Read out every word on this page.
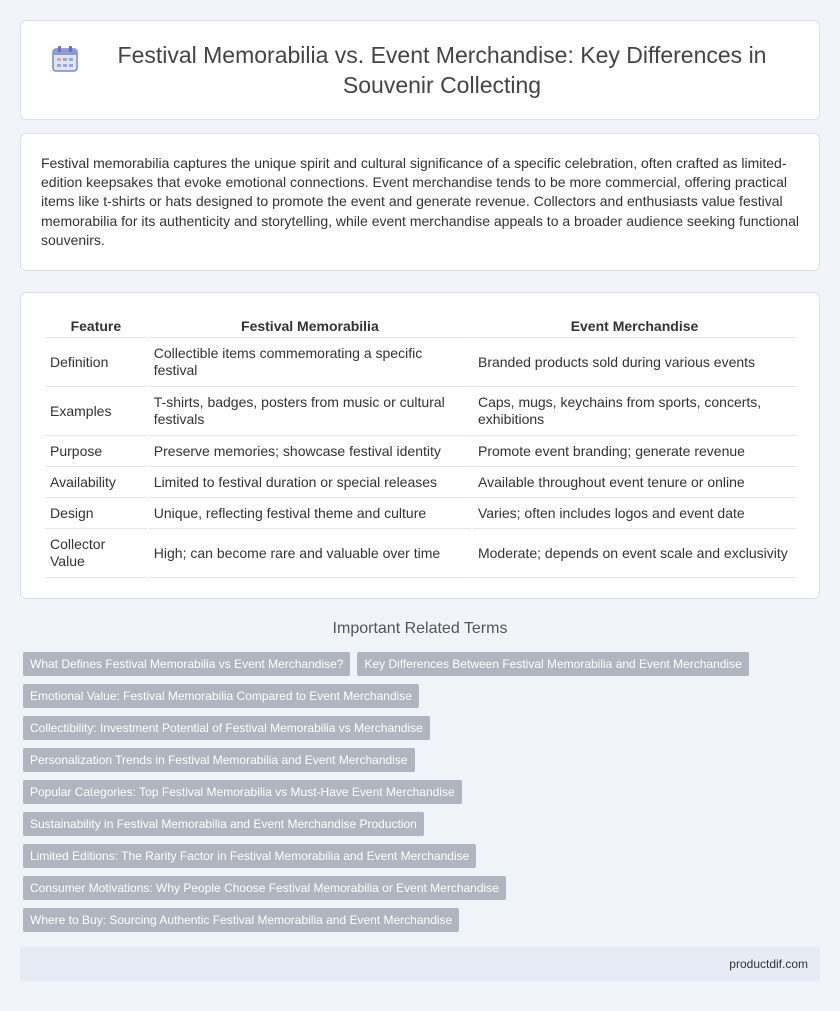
Festival Memorabilia vs. Event Merchandise: Key Differences in Souvenir Collecting

Festival memorabilia captures the unique spirit and cultural significance of a specific celebration, often crafted as limited-edition keepsakes that evoke emotional connections. Event merchandise tends to be more commercial, offering practical items like t-shirts or hats designed to promote the event and generate revenue. Collectors and enthusiasts value festival memorabilia for its authenticity and storytelling, while event merchandise appeals to a broader audience seeking functional souvenirs.

Feature	Festival Memorabilia	Event Merchandise
Definition	Collectible items commemorating a specific festival	Branded products sold during various events
Examples	T-shirts, badges, posters from music or cultural festivals	Caps, mugs, keychains from sports, concerts, exhibitions
Purpose	Preserve memories; showcase festival identity	Promote event branding; generate revenue
Availability	Limited to festival duration or special releases	Available throughout event tenure or online
Design	Unique, reflecting festival theme and culture	Varies; often includes logos and event date
Collector Value	High; can become rare and valuable over time	Moderate; depends on event scale and exclusivity
Important Related Terms
What Defines Festival Memorabilia vs Event Merchandise?	Key Differences Between Festival Memorabilia and Event Merchandise
Emotional Value: Festival Memorabilia Compared to Event Merchandise
Collectibility: Investment Potential of Festival Memorabilia vs Merchandise
Personalization Trends in Festival Memorabilia and Event Merchandise
Popular Categories: Top Festival Memorabilia vs Must-Have Event Merchandise
Sustainability in Festival Memorabilia and Event Merchandise Production
Limited Editions: The Rarity Factor in Festival Memorabilia and Event Merchandise
Consumer Motivations: Why People Choose Festival Memorabilia or Event Merchandise
Where to Buy: Sourcing Authentic Festival Memorabilia and Event Merchandise
productdif.com
